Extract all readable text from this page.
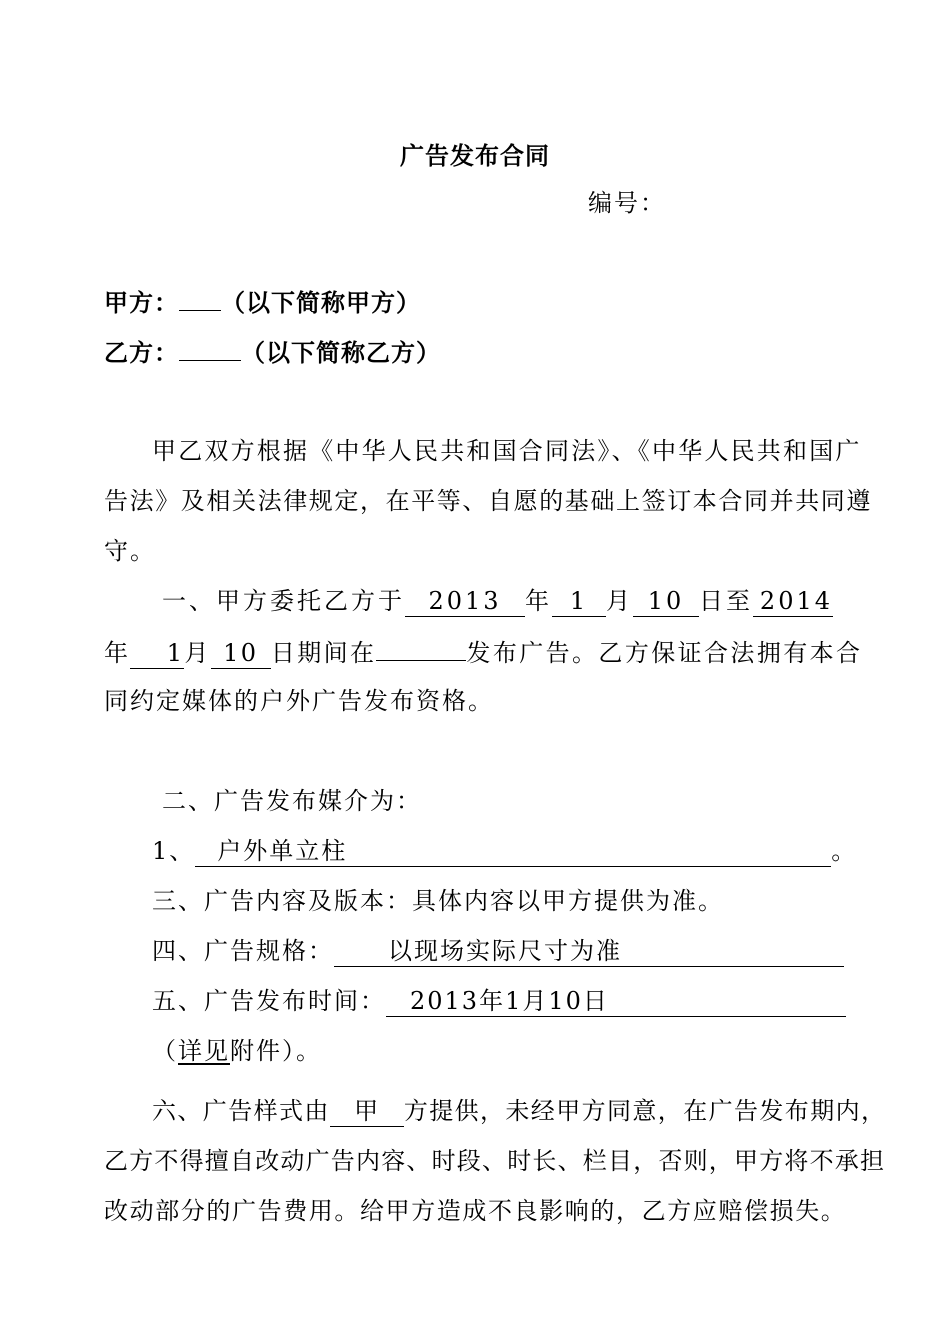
广告发布合同
编号：
甲方： （以下简称甲方）
乙方：	（以下简称乙方）
甲乙双方根据《中华人民共和国合同法》、《中华人民共和国广
告法》及相关法律规定，在平等、自愿的基础上签订本合同并共同遵
守。
一、甲方委托乙方于 2013 年 1 月 10 日至 2014
年 1月 10 日期间在	发布广告。乙方保证合法拥有本合
同约定媒体的户外广告发布资格。
二、广告发布媒介为：
1、 户外单立柱	。
三、广告内容及版本：具体内容以甲方提供为准。
四、广告规格： 以现场实际尺寸为准
五、广告发布时间： 2013年1月10日
（详见附件）。
六、广告样式由 甲 方提供，未经甲方同意，在广告发布期内，
乙方不得擅自改动广告内容、时段、时长、栏目，否则，甲方将不承担
改动部分的广告费用。给甲方造成不良影响的，乙方应赔偿损失。
